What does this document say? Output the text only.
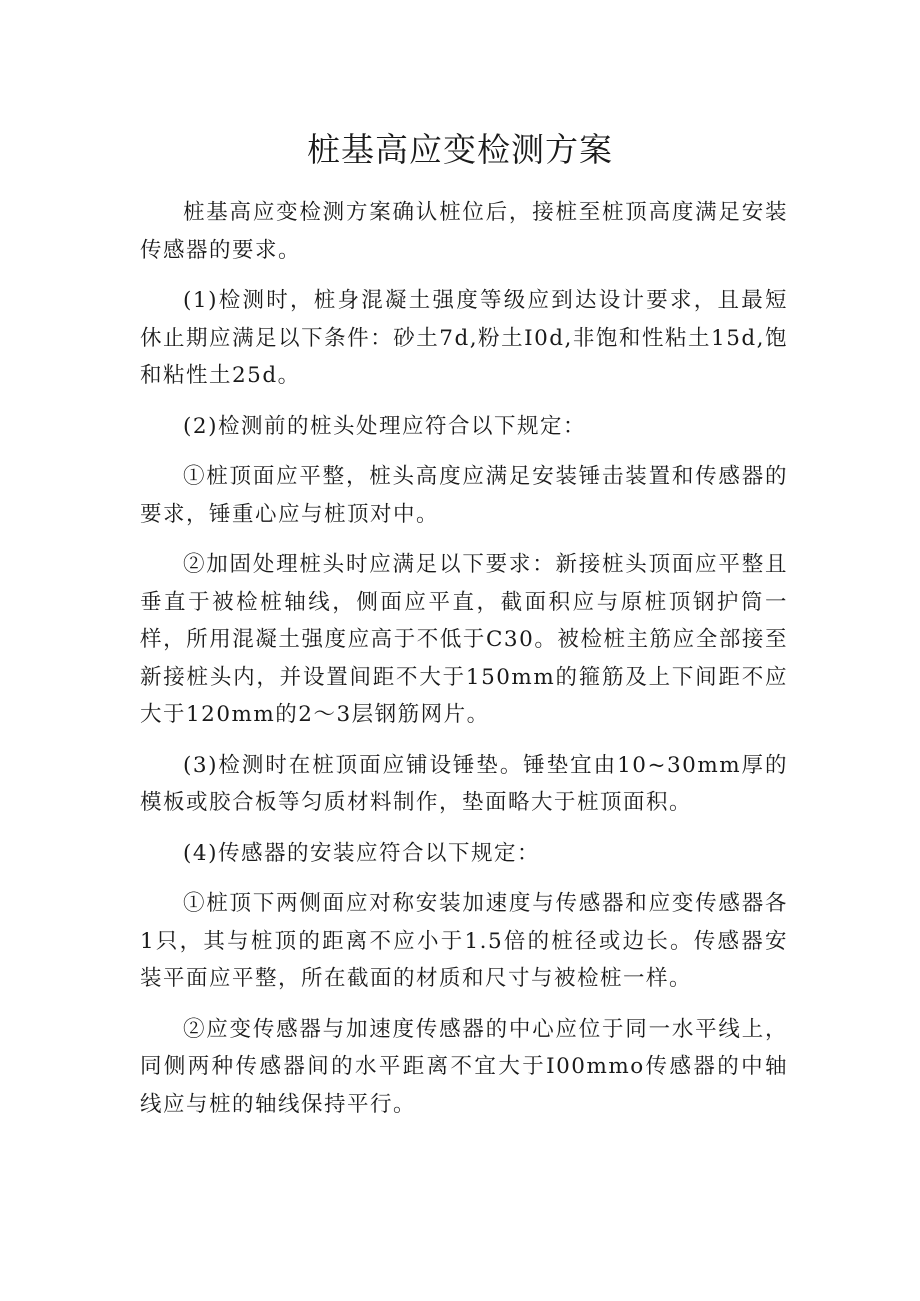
桩基高应变检测方案

桩基高应变检测方案确认桩位后，接桩至桩顶高度满足安装传感器的要求。

(1)检测时，桩身混凝土强度等级应到达设计要求，且最短休止期应满足以下条件：砂土7d,粉土I0d,非饱和性粘土15d,饱和粘性土25d。

(2)检测前的桩头处理应符合以下规定：

①桩顶面应平整，桩头高度应满足安装锤击装置和传感器的要求，锤重心应与桩顶对中。

②加固处理桩头时应满足以下要求：新接桩头顶面应平整且垂直于被检桩轴线，侧面应平直，截面积应与原桩顶钢护筒一样，所用混凝土强度应高于不低于C30。被检桩主筋应全部接至新接桩头内，并设置间距不大于150mm的箍筋及上下间距不应大于120mm的2～3层钢筋网片。

(3)检测时在桩顶面应铺设锤垫。锤垫宜由10~30mm厚的模板或胶合板等匀质材料制作，垫面略大于桩顶面积。

(4)传感器的安装应符合以下规定：

①桩顶下两侧面应对称安装加速度与传感器和应变传感器各1只，其与桩顶的距离不应小于1.5倍的桩径或边长。传感器安装平面应平整，所在截面的材质和尺寸与被检桩一样。

②应变传感器与加速度传感器的中心应位于同一水平线上，同侧两种传感器间的水平距离不宜大于I00mmo传感器的中轴线应与桩的轴线保持平行。
